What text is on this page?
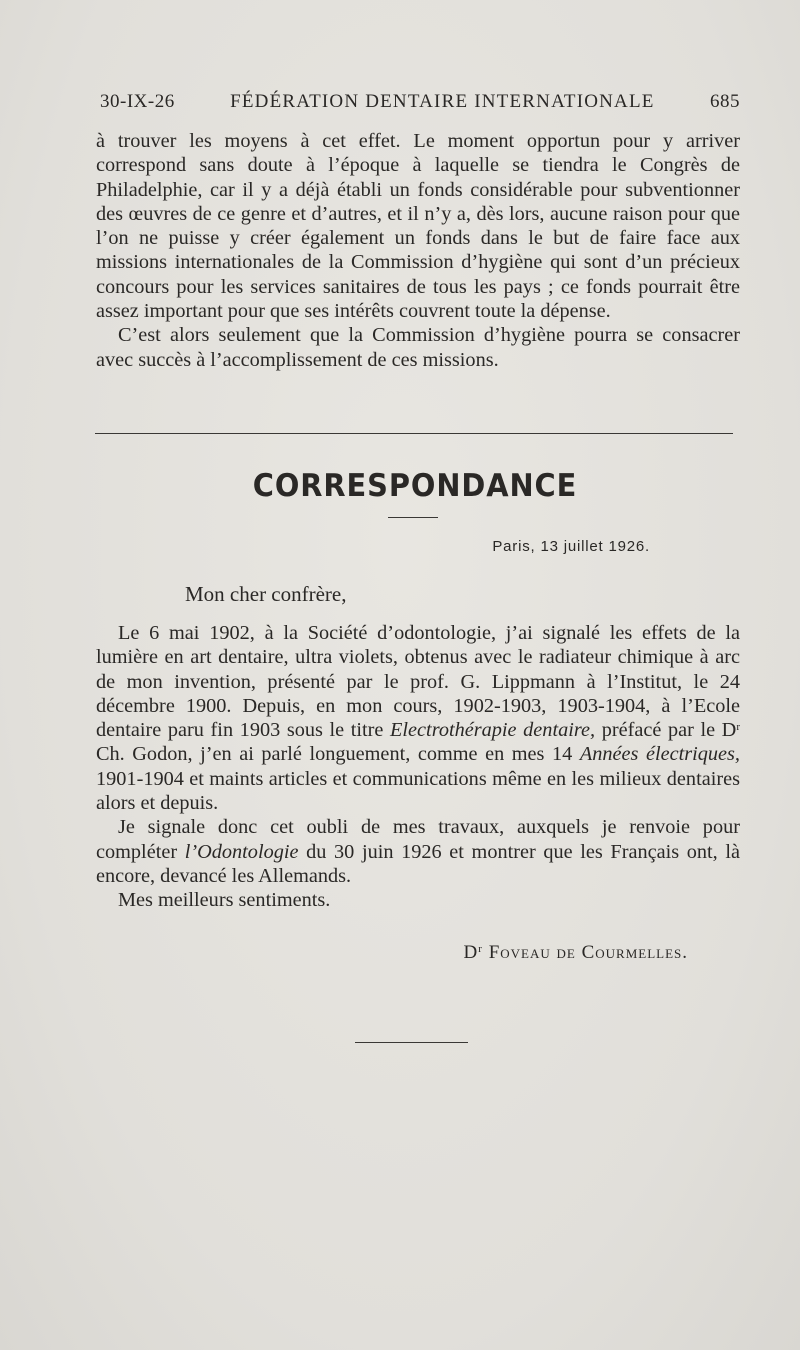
30-IX-26	FÉDÉRATION DENTAIRE INTERNATIONALE	685

à trouver les moyens à cet effet. Le moment opportun pour y arriver correspond sans doute à l’époque à laquelle se tiendra le Congrès de Philadelphie, car il y a déjà établi un fonds considérable pour subventionner des œuvres de ce genre et d’autres, et il n’y a, dès lors, aucune raison pour que l’on ne puisse y créer également un fonds dans le but de faire face aux missions internationales de la Commission d’hygiène qui sont d’un précieux concours pour les services sanitaires de tous les pays ; ce fonds pourrait être assez important pour que ses intérêts couvrent toute la dépense.

C’est alors seulement que la Commission d’hygiène pourra se consacrer avec succès à l’accomplissement de ces missions.

CORRESPONDANCE
Paris, 13 juillet 1926.
Mon cher confrère,

Le 6 mai 1902, à la Société d’odontologie, j’ai signalé les effets de la lumière en art dentaire, ultra violets, obtenus avec le radiateur chimique à arc de mon invention, présenté par le prof. G. Lippmann à l’Institut, le 24 décembre 1900. Depuis, en mon cours, 1902-1903, 1903-1904, à l’Ecole dentaire paru fin 1903 sous le titre Electrothérapie dentaire, préfacé par le $D^r$ Ch. Godon, j’en ai parlé longuement, comme en mes 14 Années électriques, 1901-1904 et maints articles et communications même en les milieux dentaires alors et depuis.

Je signale donc cet oubli de mes travaux, auxquels je renvoie pour compléter l’Odontologie du 30 juin 1926 et montrer que les Français ont, là encore, devancé les Allemands.

Mes meilleurs sentiments.

$D^r$ Foveau de Courmelles.
